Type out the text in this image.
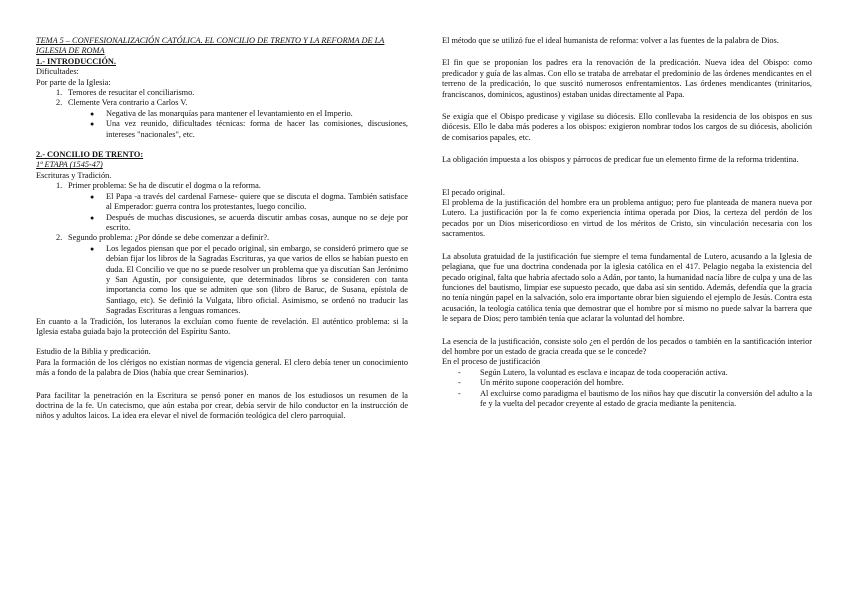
TEMA 5 – CONFESIONALIZACIÓN CATÓLICA. EL CONCILIO DE TRENTO Y LA REFORMA DE LA IGLESIA DE ROMA

1.- INTRODUCCIÓN.

Dificultades:

Por parte de la Iglesia:

1. Temores de resucitar el conciliarismo.
2. Clemente Vera contrario a Carlos V.
●	Negativa de las monarquías para mantener el levantamiento en el Imperio.
●	Una vez reunido, dificultades técnicas: forma de hacer las comisiones, discusiones, intereses "nacionales", etc.

2.- CONCILIO DE TRENTO:

1ª ETAPA (1545-47)

Escrituras y Tradición.

1. Primer problema: Se ha de discutir el dogma o la reforma.
●	El Papa -a través del cardenal Farnese- quiere que se discuta el dogma. También satisface al Emperador: guerra contra los protestantes, luego concilio.
●	Después de muchas discusiones, se acuerda discutir ambas cosas, aunque no se deje por escrito.
2. Segundo problema: ¿Por dónde se debe comenzar a definir?.
●	Los legados piensan que por el pecado original, sin embargo, se consideró primero que se debían fijar los libros de la Sagradas Escrituras, ya que varios de ellos se habían puesto en duda. El Concilio ve que no se puede resolver un problema que ya discutían San Jerónimo y San Agustín, por consiguiente, que determinados libros se consideren con tanta importancia como los que se admiten que son (libro de Baruc, de Susana, epístola de Santiago, etc). Se definió la Vulgata, libro oficial. Asimismo, se ordenó no traducir las Sagradas Escrituras a lenguas romances.

En cuanto a la Tradición, los luteranos la excluían como fuente de revelación. El auténtico problema: si la Iglesia estaba guiada bajo la protección del Espíritu Santo.

Estudio de la Biblia y predicación.

Para la formación de los clérigos no existían normas de vigencia general. El clero debía tener un conocimiento más a fondo de la palabra de Dios (había que crear Seminarios).

Para facilitar la penetración en la Escritura se pensó poner en manos de los estudiosos un resumen de la doctrina de la fe. Un catecismo, que aún estaba por crear, debía servir de hilo conductor en la instrucción de niños y adultos laicos. La idea era elevar el nivel de formación teológica del clero parroquial.

El método que se utilizó fue el ideal humanista de reforma: volver a las fuentes de la palabra de Dios.

El fin que se proponían los padres era la renovación de la predicación. Nueva idea del Obispo: como predicador y guía de las almas. Con ello se trataba de arrebatar el predominio de las órdenes mendicantes en el terreno de la predicación, lo que suscitó numerosos enfrentamientos. Las órdenes mendicantes (trinitarios, franciscanos, dominicos, agustinos) estaban unidas directamente al Papa.

Se exigía que el Obispo predicase y vigilase su diócesis. Ello conllevaba la residencia de los obispos en sus diócesis. Ello le daba más poderes a los obispos: exigieron nombrar todos los cargos de su diócesis, abolición de comisarios papales, etc.

La obligación impuesta a los obispos y párrocos de predicar fue un elemento firme de la reforma tridentina.

El pecado original.

El problema de la justificación del hombre era un problema antiguo; pero fue planteada de manera nueva por Lutero. La justificación por la fe como experiencia íntima operada por Dios, la certeza del perdón de los pecados por un Dios misericordioso en virtud de los méritos de Cristo, sin vinculación necesaria con los sacramentos.

La absoluta gratuidad de la justificación fue siempre el tema fundamental de Lutero, acusando a la Iglesia de pelagiana, que fue una doctrina condenada por la iglesia católica en el 417. Pelagio negaba la existencia del pecado original, falta que habría afectado solo a Adán, por tanto, la humanidad nacía libre de culpa y una de las funciones del bautismo, limpiar ese supuesto pecado, que daba así sin sentido. Además, defendía que la gracia no tenía ningún papel en la salvación, solo era importante obrar bien siguiendo el ejemplo de Jesús. Contra esta acusación, la teología católica tenía que demostrar que el hombre por sí mismo no puede salvar la barrera que le separa de Dios; pero también tenía que aclarar la voluntad del hombre.

La esencia de la justificación, consiste solo ¿en el perdón de los pecados o también en la santificación interior del hombre por un estado de gracia creada que se le concede?

En el proceso de justificación

-	Según Lutero, la voluntad es esclava e incapaz de toda cooperación activa.
-	Un mérito supone cooperación del hombre.
-	Al excluirse como paradigma el bautismo de los niños hay que discutir la conversión del adulto a la fe y la vuelta del pecador creyente al estado de gracia mediante la penitencia.
